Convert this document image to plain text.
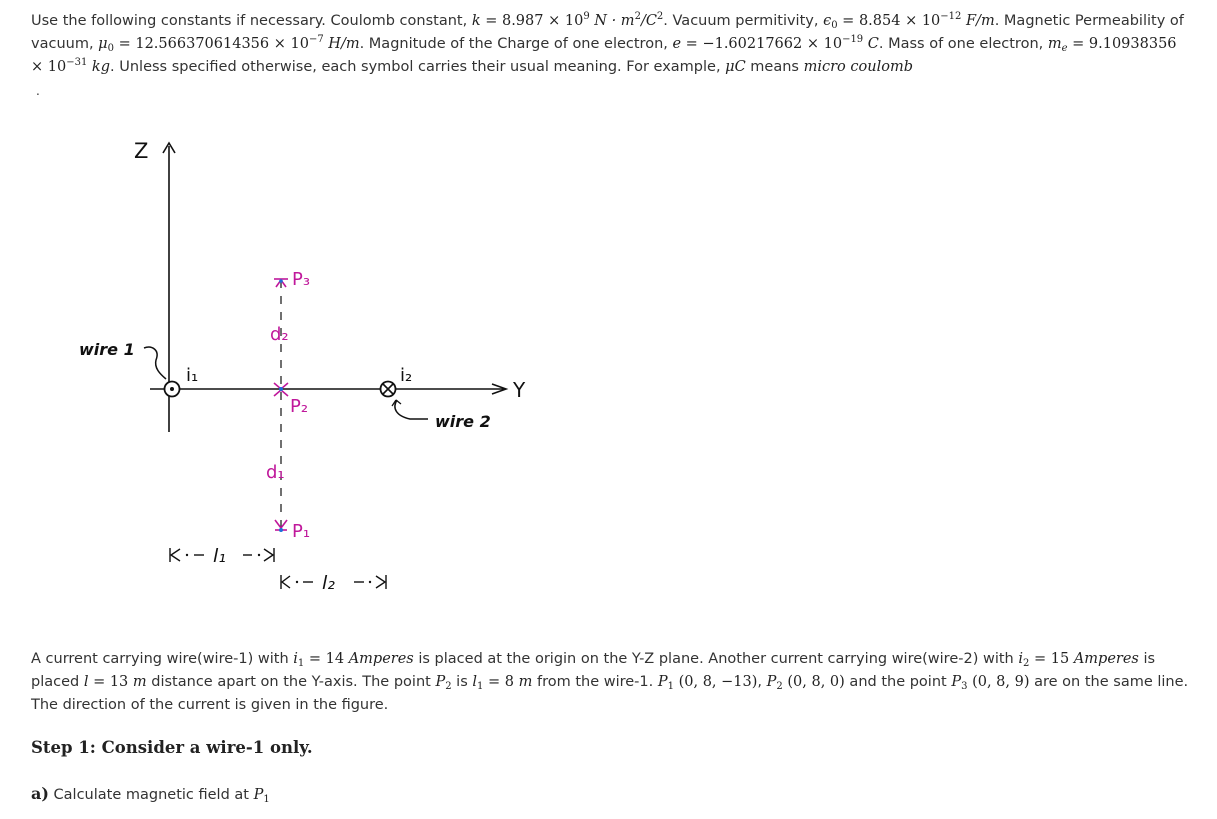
Use the following constants if necessary. Coulomb constant, $k = 8.987 \times 10^9$ $N \cdot m^2/C^2$. Vacuum permitivity, $\epsilon_0 = 8.854 \times 10^{-12}$ F/m. Magnetic Permeability of vacuum, $\mu_0 = 12.566370614356 \times 10^{-7}$ H/m. Magnitude of the Charge of one electron, $e = -1.60217662 \times 10^{-19}$ C. Mass of one electron, $m_e = 9.10938356 \times 10^{-31}$ kg. Unless specified otherwise, each symbol carries their usual meaning. For example, μC means micro coulomb
.
Z
Y
wire 1
i₁	i₂
wire 2
P₃
d₂
P₂
d₁
P₁
l₁
l₂
A current carrying wire(wire-1) with $i_1 = 14$ Amperes is placed at the origin on the Y-Z plane. Another current carrying wire(wire-2) with $i_2 = 15$ Amperes is placed l = 13 m distance apart on the Y-axis. The point $P_2$ is $l_1 = 8$ m from the wire-1. $P_1$ (0, 8, −13), $P_2$ (0, 8, 0) and the point $P_3$ (0, 8, 9) are on the same line. The direction of the current is given in the figure.
Step 1: Consider a wire-1 only.
a) Calculate magnetic field at $P_1$
